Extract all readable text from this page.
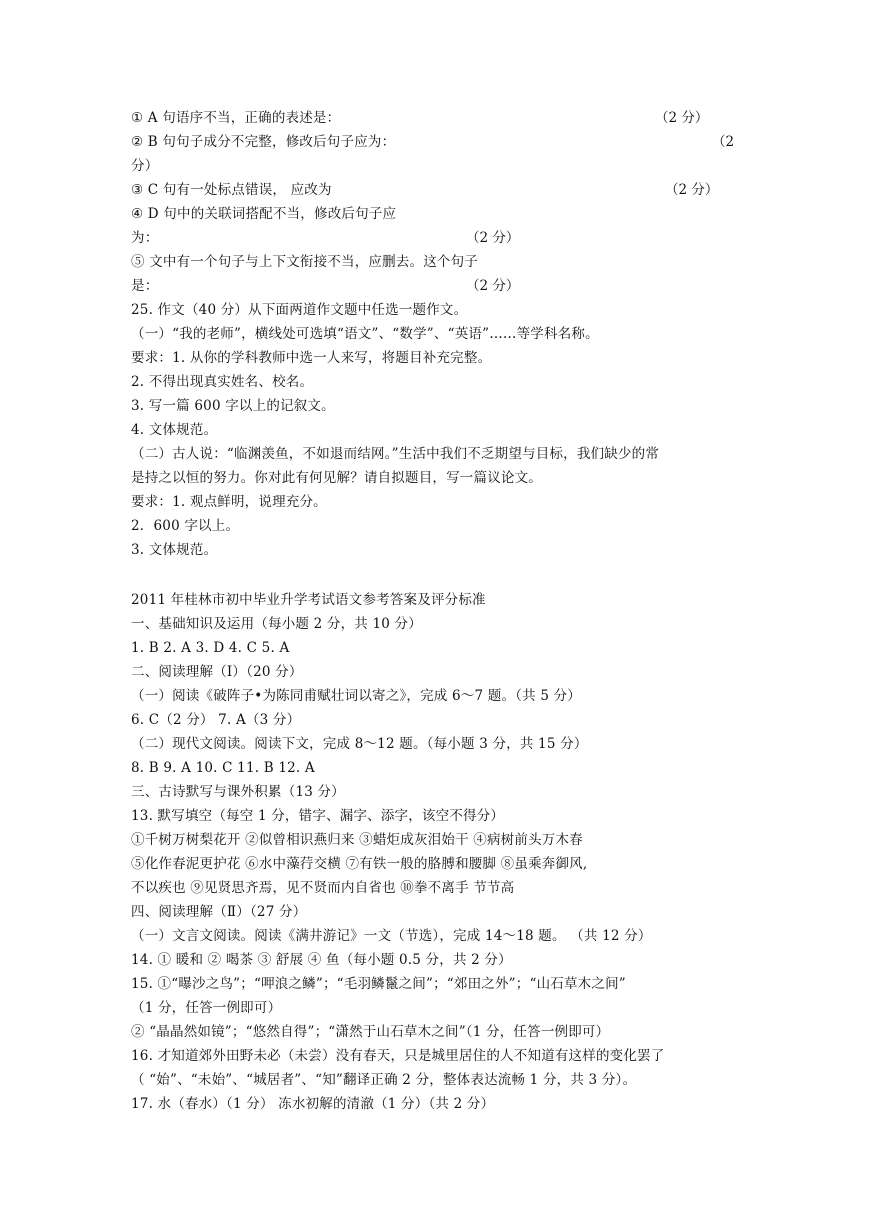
① A 句语序不当，正确的表述是：	（2 分）
② B 句句子成分不完整，修改后句子应为：	（2
分）
③ C 句有一处标点错误， 应改为	（2 分）
④ D 句中的关联词搭配不当，修改后句子应
为：	（2 分）
⑤ 文中有一个句子与上下文衔接不当，应删去。这个句子
是：	（2 分）
25. 作文（40 分）从下面两道作文题中任选一题作文。
（一）“我的老师”，横线处可选填“语文”、“数学”、“英语”……等学科名称。
要求：1. 从你的学科教师中选一人来写，将题目补充完整。
2. 不得出现真实姓名、校名。
3. 写一篇 600 字以上的记叙文。
4. 文体规范。
（二）古人说：“临渊羡鱼，不如退而结网。”生活中我们不乏期望与目标，我们缺少的常
是持之以恒的努力。你对此有何见解？请自拟题目，写一篇议论文。
要求：1. 观点鲜明，说理充分。
2．600 字以上。
3. 文体规范。
2011 年桂林市初中毕业升学考试语文参考答案及评分标准
一、基础知识及运用（每小题 2 分，共 10 分）
1. B 2. A 3. D 4. C 5. A
二、阅读理解（Ⅰ）（20 分）
（一）阅读《破阵子•为陈同甫赋壮词以寄之》，完成 6～7 题。（共 5 分）
6. C（2 分） 7. A（3 分）
（二）现代文阅读。阅读下文，完成 8～12 题。（每小题 3 分，共 15 分）
8. B 9. A 10. C 11. B 12. A
三、古诗默写与课外积累（13 分）
13. 默写填空（每空 1 分，错字、漏字、添字，该空不得分）
①千树万树梨花开 ②似曾相识燕归来 ③蜡炬成灰泪始干 ④病树前头万木春
⑤化作春泥更护花 ⑥水中藻荇交横 ⑦有铁一般的胳膊和腰脚 ⑧虽乘奔御风,
不以疾也 ⑨见贤思齐焉，见不贤而内自省也 ⑩拳不离手 节节高
四、阅读理解（Ⅱ）（27 分）
（一）文言文阅读。阅读《满井游记》一文（节选），完成 14～18 题。 （共 12 分）
14. ① 暖和 ② 喝茶 ③ 舒展 ④ 鱼（每小题 0.5 分，共 2 分）
15. ①“曝沙之鸟”；“呷浪之鳞”；“毛羽鳞鬣之间”；“郊田之外”；“山石草木之间”
（1 分，任答一例即可）
② “晶晶然如镜”；“悠然自得”；“潇然于山石草木之间”（1 分，任答一例即可）
16. 才知道郊外田野未必（未尝）没有春天，只是城里居住的人不知道有这样的变化罢了
（ “始”、“未始”、“城居者”、“知”翻译正确 2 分，整体表达流畅 1 分，共 3 分）。
17. 水（春水）（1 分） 冻水初解的清澈（1 分）（共 2 分）
